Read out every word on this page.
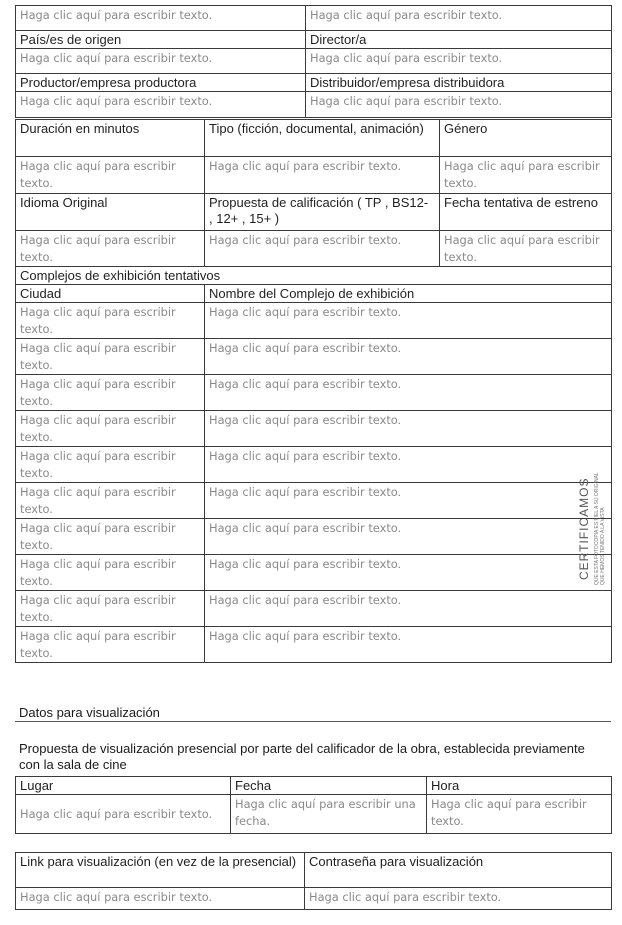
Haga clic aquí para escribir texto.	Haga clic aquí para escribir texto.
País/es de origen	Director/a
Haga clic aquí para escribir texto.	Haga clic aquí para escribir texto.
Productor/empresa productora	Distribuidor/empresa distribuidora
Haga clic aquí para escribir texto.	Haga clic aquí para escribir texto.
Duración en minutos	Tipo (ficción, documental, animación)	Género
Haga clic aquí para escribir texto.	Haga clic aquí para escribir texto.	Haga clic aquí para escribir texto.
Idioma Original	Propuesta de calificación ( TP , BS12- , 12+ , 15+ )	Fecha tentativa de estreno
Haga clic aquí para escribir texto.	Haga clic aquí para escribir texto.	Haga clic aquí para escribir texto.
Complejos de exhibición tentativos	
Ciudad	Nombre del Complejo de exhibición
Haga clic aquí para escribir texto.	Haga clic aquí para escribir texto.
Haga clic aquí para escribir texto.	Haga clic aquí para escribir texto.
Haga clic aquí para escribir texto.	Haga clic aquí para escribir texto.
Haga clic aquí para escribir texto.	Haga clic aquí para escribir texto.
Haga clic aquí para escribir texto.	Haga clic aquí para escribir texto.
Haga clic aquí para escribir texto.	Haga clic aquí para escribir texto.
Haga clic aquí para escribir texto.	Haga clic aquí para escribir texto.
Haga clic aquí para escribir texto.	Haga clic aquí para escribir texto.
Haga clic aquí para escribir texto.	Haga clic aquí para escribir texto.
Haga clic aquí para escribir texto.	Haga clic aquí para escribir texto.
CERTIFICAMOS QUE ESTA FOTOCOPIA ES FIEL A SU ORIGINAL QUE HEMOS TENIDO A LA VISTA
Datos para visualización
Propuesta de visualización presencial por parte del calificador de la obra, establecida previamente con la sala de cine
Lugar	Fecha	Hora
Haga clic aquí para escribir texto.	Haga clic aquí para escribir una fecha.	Haga clic aquí para escribir texto.
Link para visualización (en vez de la presencial)	Contraseña para visualización
Haga clic aquí para escribir texto.	Haga clic aquí para escribir texto.
